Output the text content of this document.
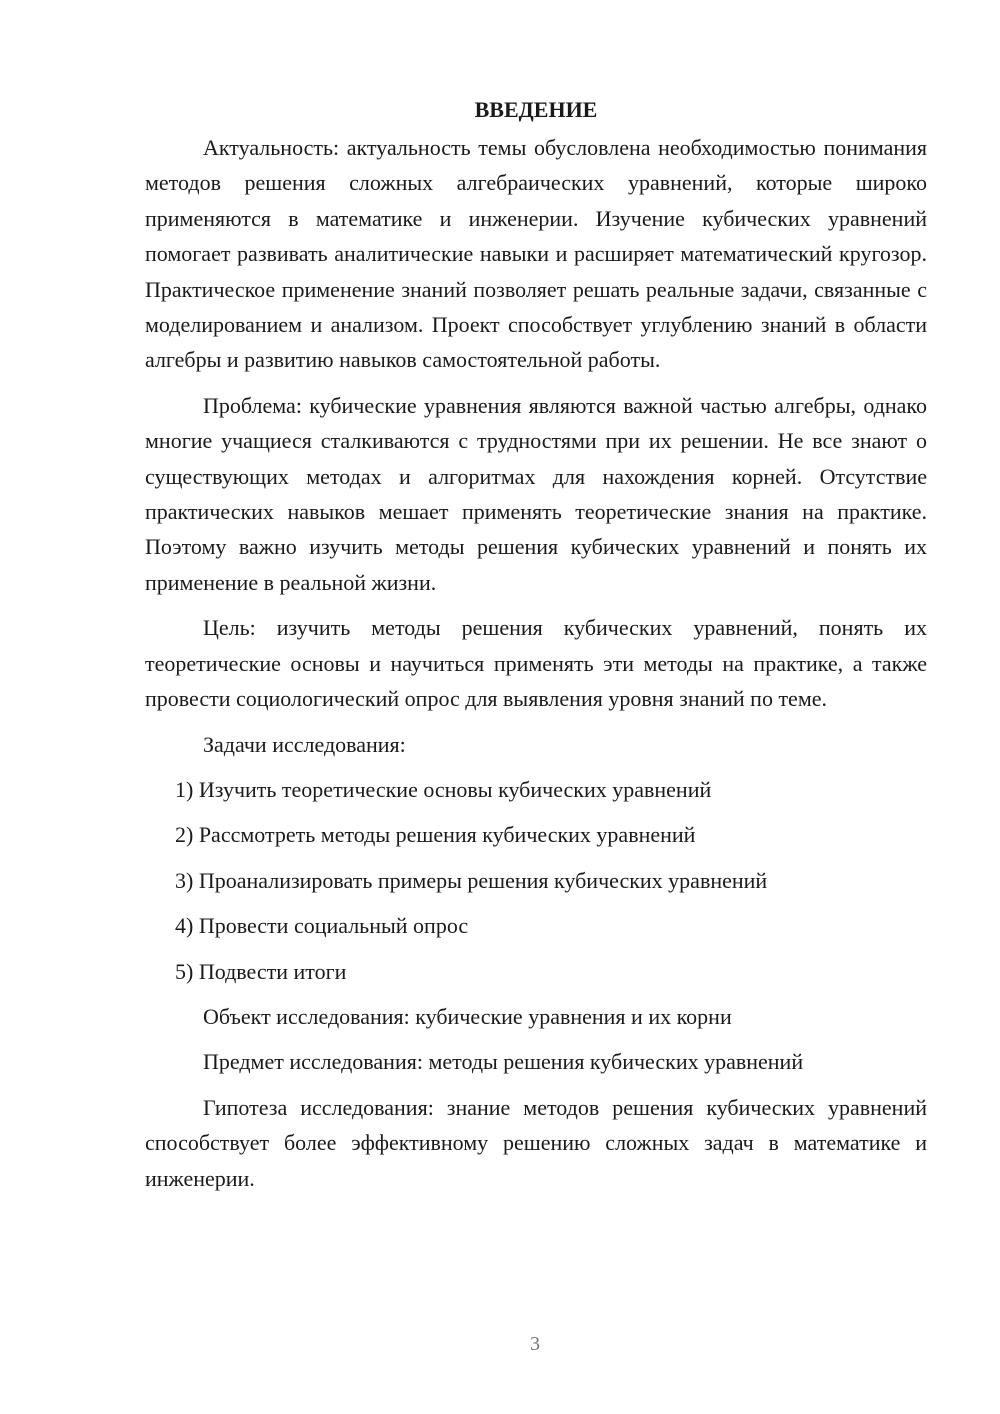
ВВЕДЕНИЕ

Актуальность: актуальность темы обусловлена необходимостью понимания методов решения сложных алгебраических уравнений, которые широко применяются в математике и инженерии. Изучение кубических уравнений помогает развивать аналитические навыки и расширяет математический кругозор. Практическое применение знаний позволяет решать реальные задачи, связанные с моделированием и анализом. Проект способствует углублению знаний в области алгебры и развитию навыков самостоятельной работы.

Проблема: кубические уравнения являются важной частью алгебры, однако многие учащиеся сталкиваются с трудностями при их решении. Не все знают о существующих методах и алгоритмах для нахождения корней. Отсутствие практических навыков мешает применять теоретические знания на практике. Поэтому важно изучить методы решения кубических уравнений и понять их применение в реальной жизни.

Цель: изучить методы решения кубических уравнений, понять их теоретические основы и научиться применять эти методы на практике, а также провести социологический опрос для выявления уровня знаний по теме.

Задачи исследования:

1) Изучить теоретические основы кубических уравнений

2) Рассмотреть методы решения кубических уравнений

3) Проанализировать примеры решения кубических уравнений

4) Провести социальный опрос

5) Подвести итоги

Объект исследования: кубические уравнения и их корни

Предмет исследования: методы решения кубических уравнений

Гипотеза исследования: знание методов решения кубических уравнений способствует более эффективному решению сложных задач в математике и инженерии.

3
